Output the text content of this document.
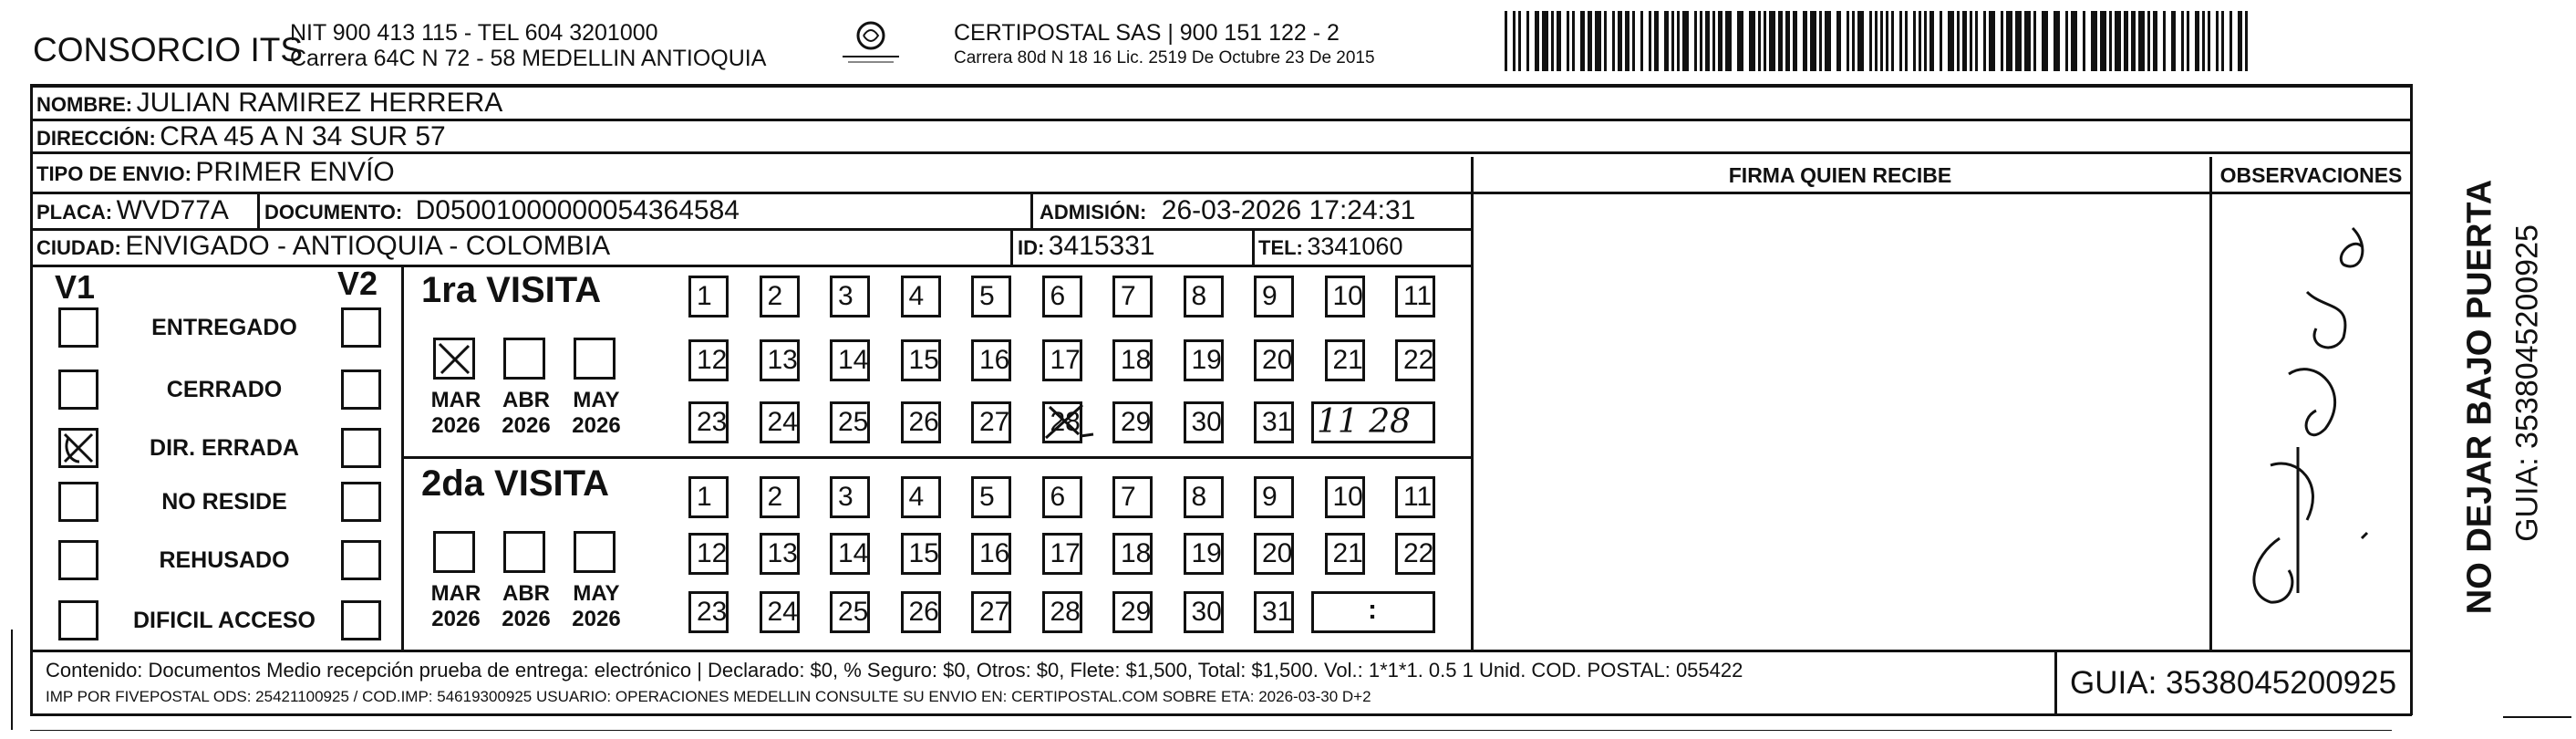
CONSORCIO ITS
NIT 900 413 115 - TEL 604 3201000
Carrera 64C N 72 - 58 MEDELLIN ANTIOQUIA
CERTIPOSTAL SAS | 900 151 122 - 2
Carrera 80d N 18 16 Lic. 2519 De Octubre 23 De 2015
NOMBRE: JULIAN RAMIREZ HERRERA
DIRECCIÓN: CRA 45 A N 34 SUR 57
TIPO DE ENVIO: PRIMER ENVÍO
PLACA: WVD77A DOCUMENTO: D05001000000054364584	ADMISIÓN: 26-03-2026 17:24:31
CIUDAD: ENVIGADO - ANTIOQUIA - COLOMBIA	ID: 3415331	TEL: 3341060
FIRMA QUIEN RECIBE	OBSERVACIONES
V1	V2
ENTREGADO
CERRADO
DIR. ERRADA
NO RESIDE
REHUSADO
DIFICIL ACCESO
1ra VISITA
MAR
2026
ABR
2026
MAY
2026
1	2	3	4	5	6	7	8	9	10	11
12	13	14	15	16	17	18	19	20	21	22
23	24	25	26	27	28	29	30	31 11 28
2da VISITA
MAR
2026
ABR
2026
MAY
2026
1	2	3	4	5	6	7	8	9	10	11
12	13	14	15	16	17	18	19	20	21	22
23	24	25	26	27	28	29	30	31	:	NO DEJAR BAJO PUERTA GUIA: 3538045200925
Contenido: Documentos Medio recepción prueba de entrega: electrónico | Declarado: $0, % Seguro: $0, Otros: $0, Flete: $1,500, Total: $1,500. Vol.: 1*1*1. 0.5 1 Unid. COD. POSTAL: 055422
IMP POR FIVEPOSTAL ODS: 25421100925 / COD.IMP: 54619300925 USUARIO: OPERACIONES MEDELLIN CONSULTE SU ENVIO EN: CERTIPOSTAL.COM SOBRE ETA: 2026-03-30 D+2	GUIA: 3538045200925
